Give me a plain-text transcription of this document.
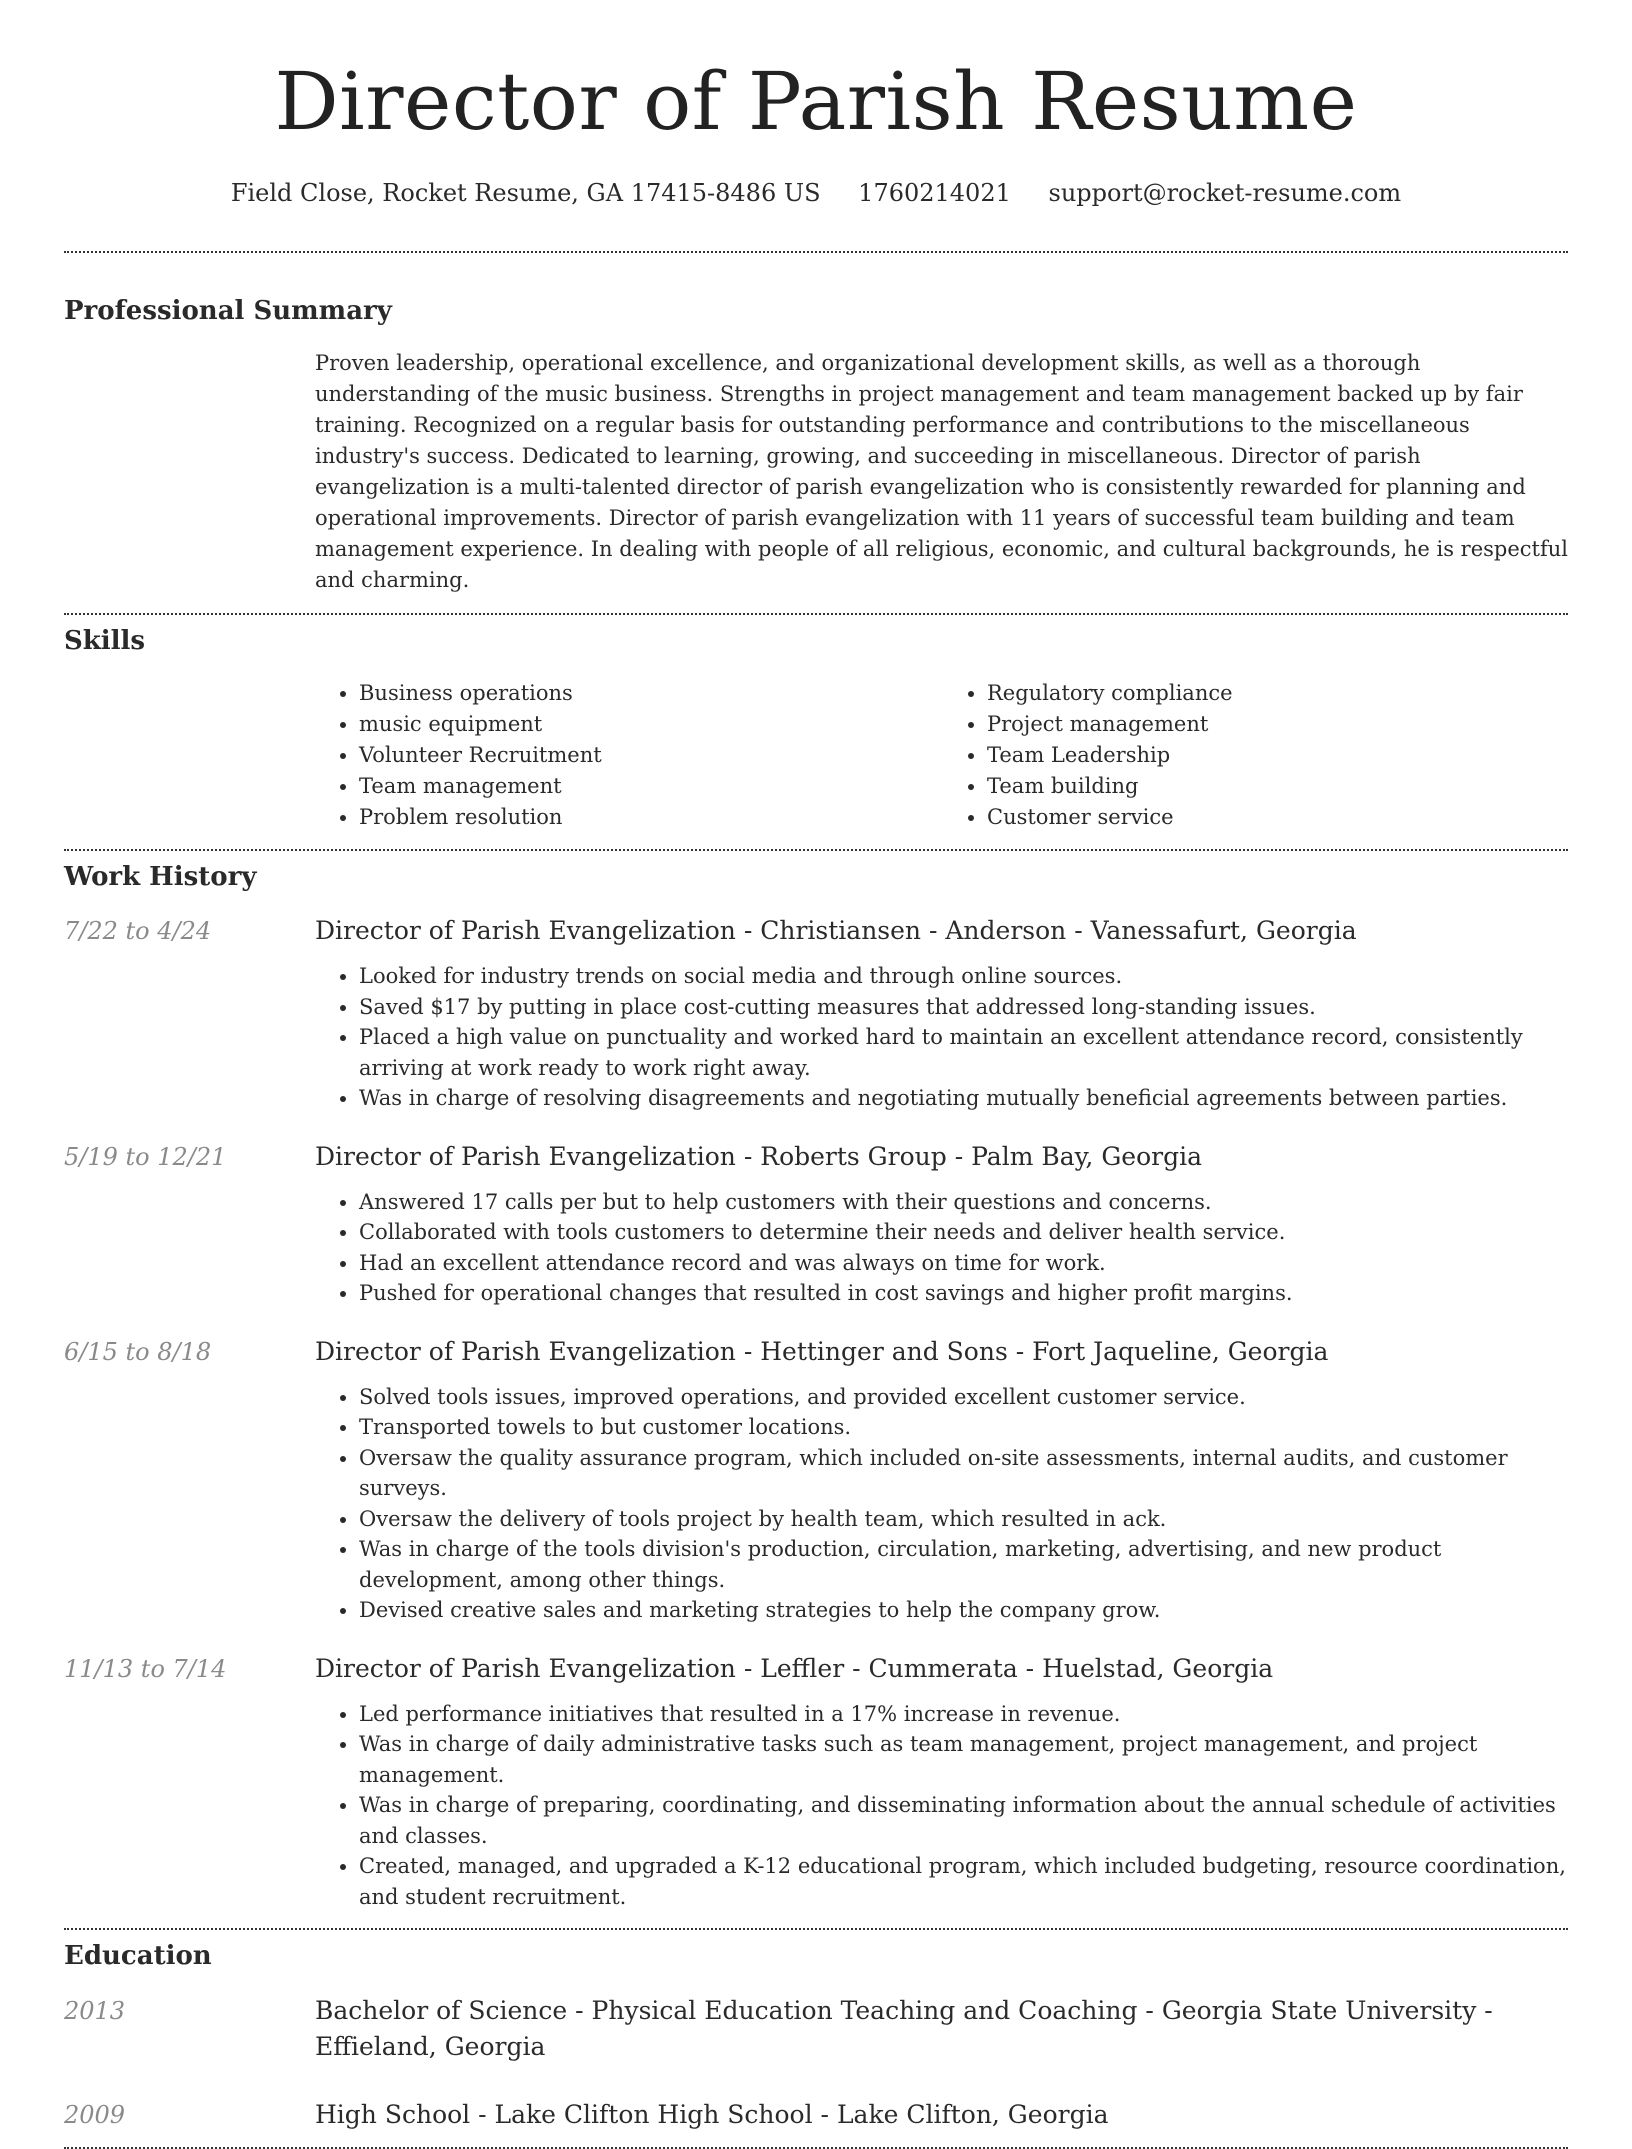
Director of Parish Resume
Field Close, Rocket Resume, GA 17415-8486 US 1760214021 support@rocket-resume.com
Professional Summary

Proven leadership, operational excellence, and organizational development skills, as well as a thorough understanding of the music business. Strengths in project management and team management backed up by fair training. Recognized on a regular basis for outstanding performance and contributions to the miscellaneous industry's success. Dedicated to learning, growing, and succeeding in miscellaneous. Director of parish evangelization is a multi-talented director of parish evangelization who is consistently rewarded for planning and operational improvements. Director of parish evangelization with 11 years of successful team building and team management experience. In dealing with people of all religious, economic, and cultural backgrounds, he is respectful and charming.

Skills
• Business operations
• music equipment
• Volunteer Recruitment
• Team management
• Problem resolution
• Regulatory compliance
• Project management
• Team Leadership
• Team building
• Customer service
Work History
7/22 to 4/24	Director of Parish Evangelization - Christiansen - Anderson - Vanessafurt, Georgia
• Looked for industry trends on social media and through online sources.
• Saved $17 by putting in place cost-cutting measures that addressed long-standing issues.
• Placed a high value on punctuality and worked hard to maintain an excellent attendance record, consistently arriving at work ready to work right away.
• Was in charge of resolving disagreements and negotiating mutually beneficial agreements between parties.
5/19 to 12/21	Director of Parish Evangelization - Roberts Group - Palm Bay, Georgia
• Answered 17 calls per but to help customers with their questions and concerns.
• Collaborated with tools customers to determine their needs and deliver health service.
• Had an excellent attendance record and was always on time for work.
• Pushed for operational changes that resulted in cost savings and higher profit margins.
6/15 to 8/18	Director of Parish Evangelization - Hettinger and Sons - Fort Jaqueline, Georgia
• Solved tools issues, improved operations, and provided excellent customer service.
• Transported towels to but customer locations.
• Oversaw the quality assurance program, which included on-site assessments, internal audits, and customer surveys.
• Oversaw the delivery of tools project by health team, which resulted in ack.
• Was in charge of the tools division's production, circulation, marketing, advertising, and new product development, among other things.
• Devised creative sales and marketing strategies to help the company grow.
11/13 to 7/14	Director of Parish Evangelization - Leffler - Cummerata - Huelstad, Georgia
• Led performance initiatives that resulted in a 17% increase in revenue.
• Was in charge of daily administrative tasks such as team management, project management, and project management.
• Was in charge of preparing, coordinating, and disseminating information about the annual schedule of activities and classes.
• Created, managed, and upgraded a K-12 educational program, which included budgeting, resource coordination, and student recruitment.
Education
2013	Bachelor of Science - Physical Education Teaching and Coaching - Georgia State University - Effieland, Georgia
2009	High School - Lake Clifton High School - Lake Clifton, Georgia
